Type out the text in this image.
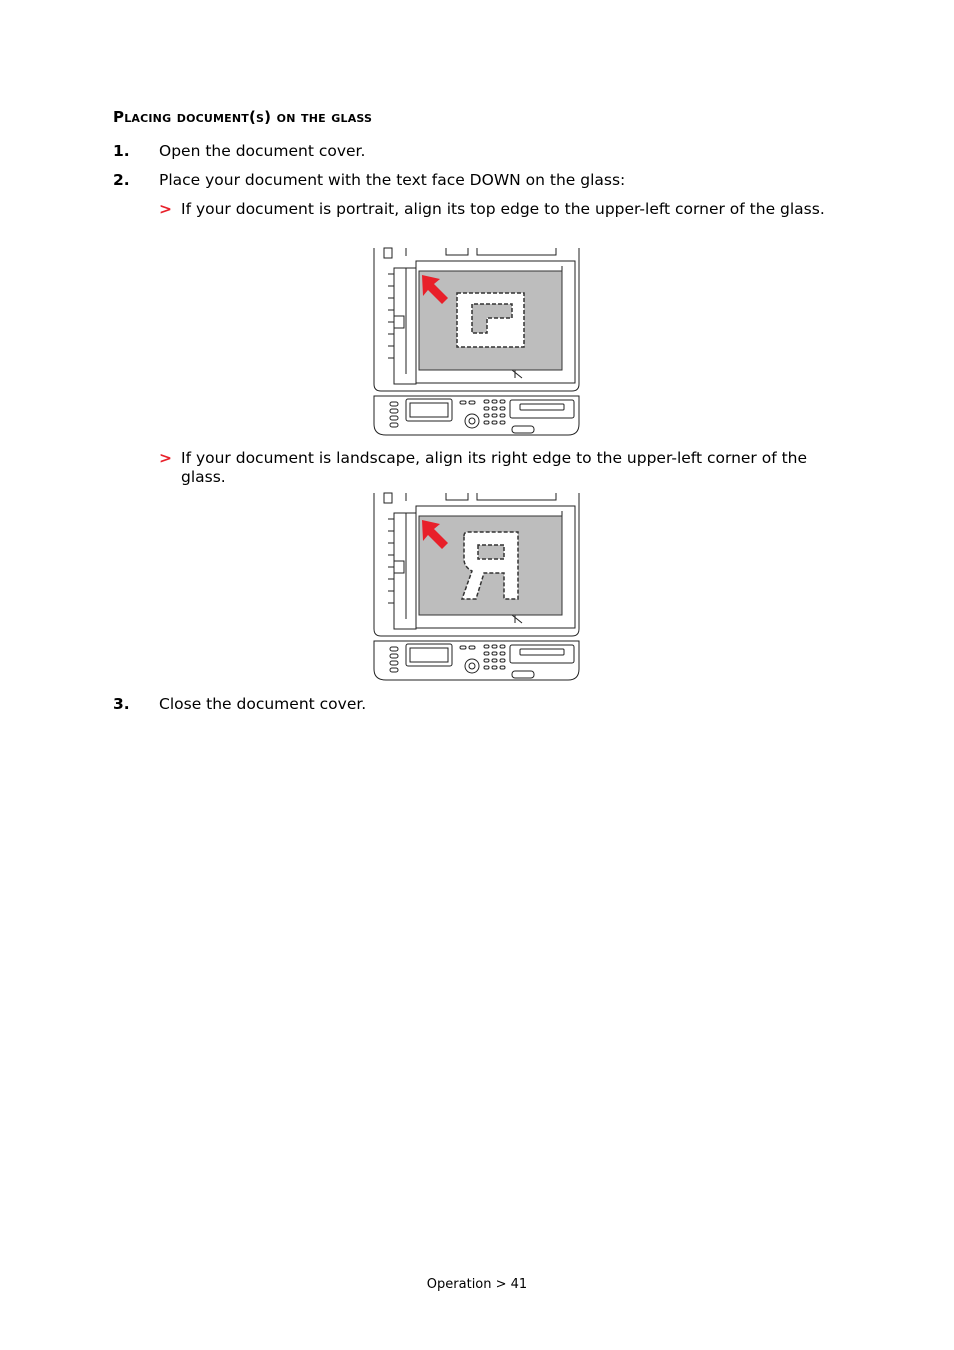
Placing document(s) on the glass
1. Open the document cover.
2. Place your document with the text face DOWN on the glass:
> If your document is portrait, align its top edge to the upper-left corner of the glass.
> If your document is landscape, align its right edge to the upper-left corner of the glass.
3. Close the document cover.
Operation > 41
